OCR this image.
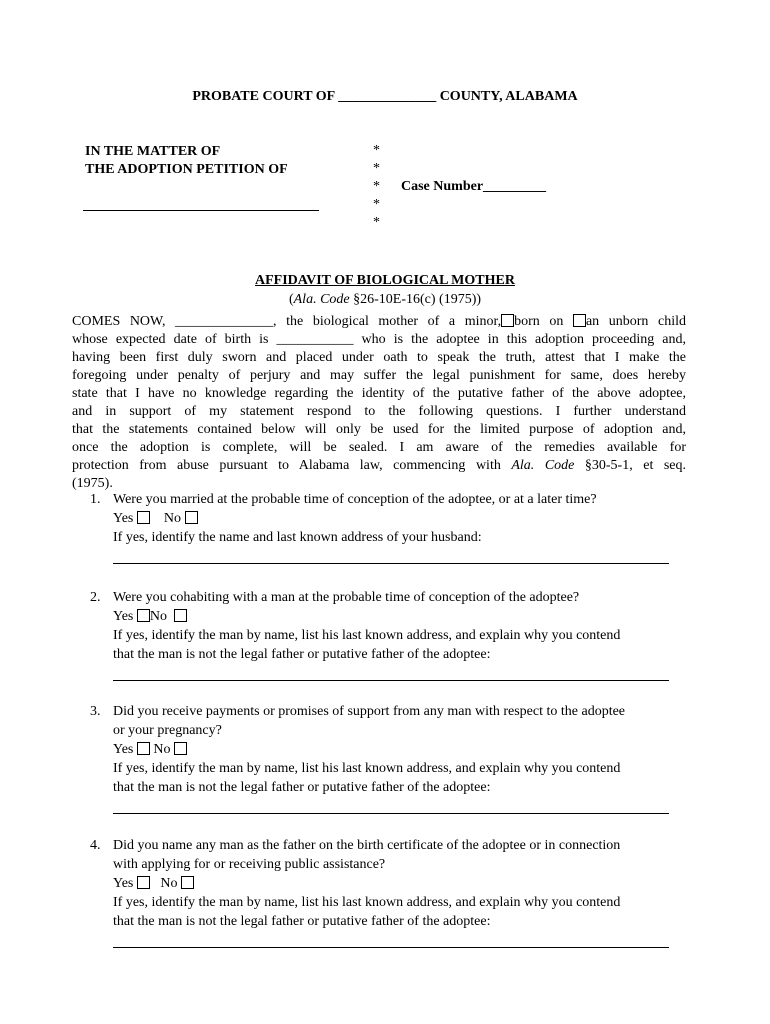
PROBATE COURT OF ______________ COUNTY, ALABAMA
IN THE MATTER OF
THE ADOPTION PETITION OF
*
*
*
*
*
Case Number_________
AFFIDAVIT OF BIOLOGICAL MOTHER
(Ala. Code §26-10E-16(c) (1975))
COMES NOW, ______________, the biological mother of a minor, born on an unborn child
whose expected date of birth is ___________ who is the adoptee in this adoption proceeding and,
having been first duly sworn and placed under oath to speak the truth, attest that I make the
foregoing under penalty of perjury and may suffer the legal punishment for same, does hereby
state that I have no knowledge regarding the identity of the putative father of the above adoptee,
and in support of my statement respond to the following questions. I further understand
that the statements contained below will only be used for the limited purpose of adoption and,
once the adoption is complete, will be sealed. I am aware of the remedies available for
protection from abuse pursuant to Alabama law, commencing with Ala. Code §30-5-1, et seq.
(1975).
1. Were you married at the probable time of conception of the adoptee, or at a later time?
Yes No
If yes, identify the name and last known address of your husband:
2. Were you cohabiting with a man at the probable time of conception of the adoptee?
Yes No
If yes, identify the man by name, list his last known address, and explain why you contend
that the man is not the legal father or putative father of the adoptee:
3. Did you receive payments or promises of support from any man with respect to the adoptee
or your pregnancy?
Yes No
If yes, identify the man by name, list his last known address, and explain why you contend
that the man is not the legal father or putative father of the adoptee:
4. Did you name any man as the father on the birth certificate of the adoptee or in connection
with applying for or receiving public assistance?
Yes No
If yes, identify the man by name, list his last known address, and explain why you contend
that the man is not the legal father or putative father of the adoptee:
